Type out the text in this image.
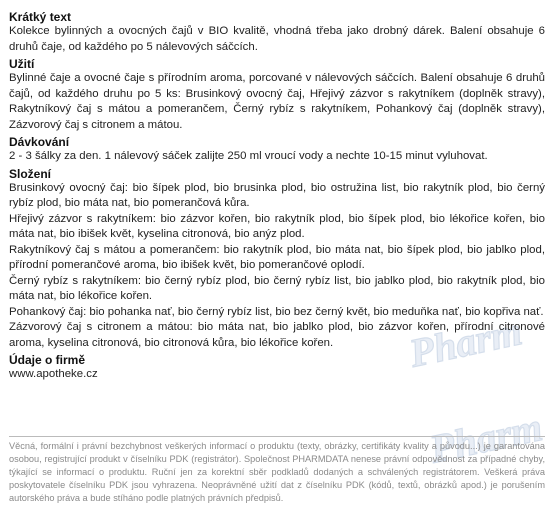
Pharm
Pharm
Krátký text

Kolekce bylinných a ovocných čajů v BIO kvalitě, vhodná třeba jako drobný dárek. Balení obsahuje 6 druhů čaje, od každého po 5 nálevových sáčcích.

Užití

Bylinné čaje a ovocné čaje s přírodním aroma, porcované v nálevových sáčcích. Balení obsahuje 6 druhů čajů, od každého druhu po 5 ks: Brusinkový ovocný čaj, Hřejivý zázvor s rakytníkem (doplněk stravy), Rakytníkový čaj s mátou a pomerančem, Černý rybíz s rakytníkem, Pohankový čaj (doplněk stravy), Zázvorový čaj s citronem a mátou.

Dávkování

2 - 3 šálky za den. 1 nálevový sáček zalijte 250 ml vroucí vody a nechte 10-15 minut vyluhovat.

Složení

Brusinkový ovocný čaj: bio šípek plod, bio brusinka plod, bio ostružina list, bio rakytník plod, bio černý rybíz plod, bio máta nat, bio pomerančová kůra.

Hřejivý zázvor s rakytníkem: bio zázvor kořen, bio rakytník plod, bio šípek plod, bio lékořice kořen, bio máta nat, bio ibišek květ, kyselina citronová, bio anýz plod.

Rakytníkový čaj s mátou a pomerančem: bio rakytník plod, bio máta nat, bio šípek plod, bio jablko plod, přírodní pomerančové aroma, bio ibišek květ, bio pomerančové oplodí.

Černý rybíz s rakytníkem: bio černý rybíz plod, bio černý rybíz list, bio jablko plod, bio rakytník plod, bio máta nat, bio lékořice kořen.

Pohankový čaj: bio pohanka nať, bio černý rybíz list, bio bez černý květ, bio meduňka nať, bio kopřiva nať.

Zázvorový čaj s citronem a mátou: bio máta nat, bio jablko plod, bio zázvor kořen, přírodní citronové aroma, kyselina citronová, bio citronová kůra, bio lékořice kořen.

Údaje o firmě

www.apotheke.cz

Věcná, formální i právní bezchybnost veškerých informací o produktu (texty, obrázky, certifikáty kvality a původu...) je garantována osobou, registrující produkt v číselníku PDK (registrátor). Společnost PHARMDATA nenese právní odpovědnost za případné chyby, týkající se informací o produktu. Ruční jen za korektní sběr podkladů dodaných a schválených registrátorem. Veškerá práva poskytovatele číselníku PDK jsou vyhrazena. Neoprávněné užití dat z číselníku PDK (kódů, textů, obrázků apod.) je porušením autorského práva a bude stíháno podle platných právních předpisů.
